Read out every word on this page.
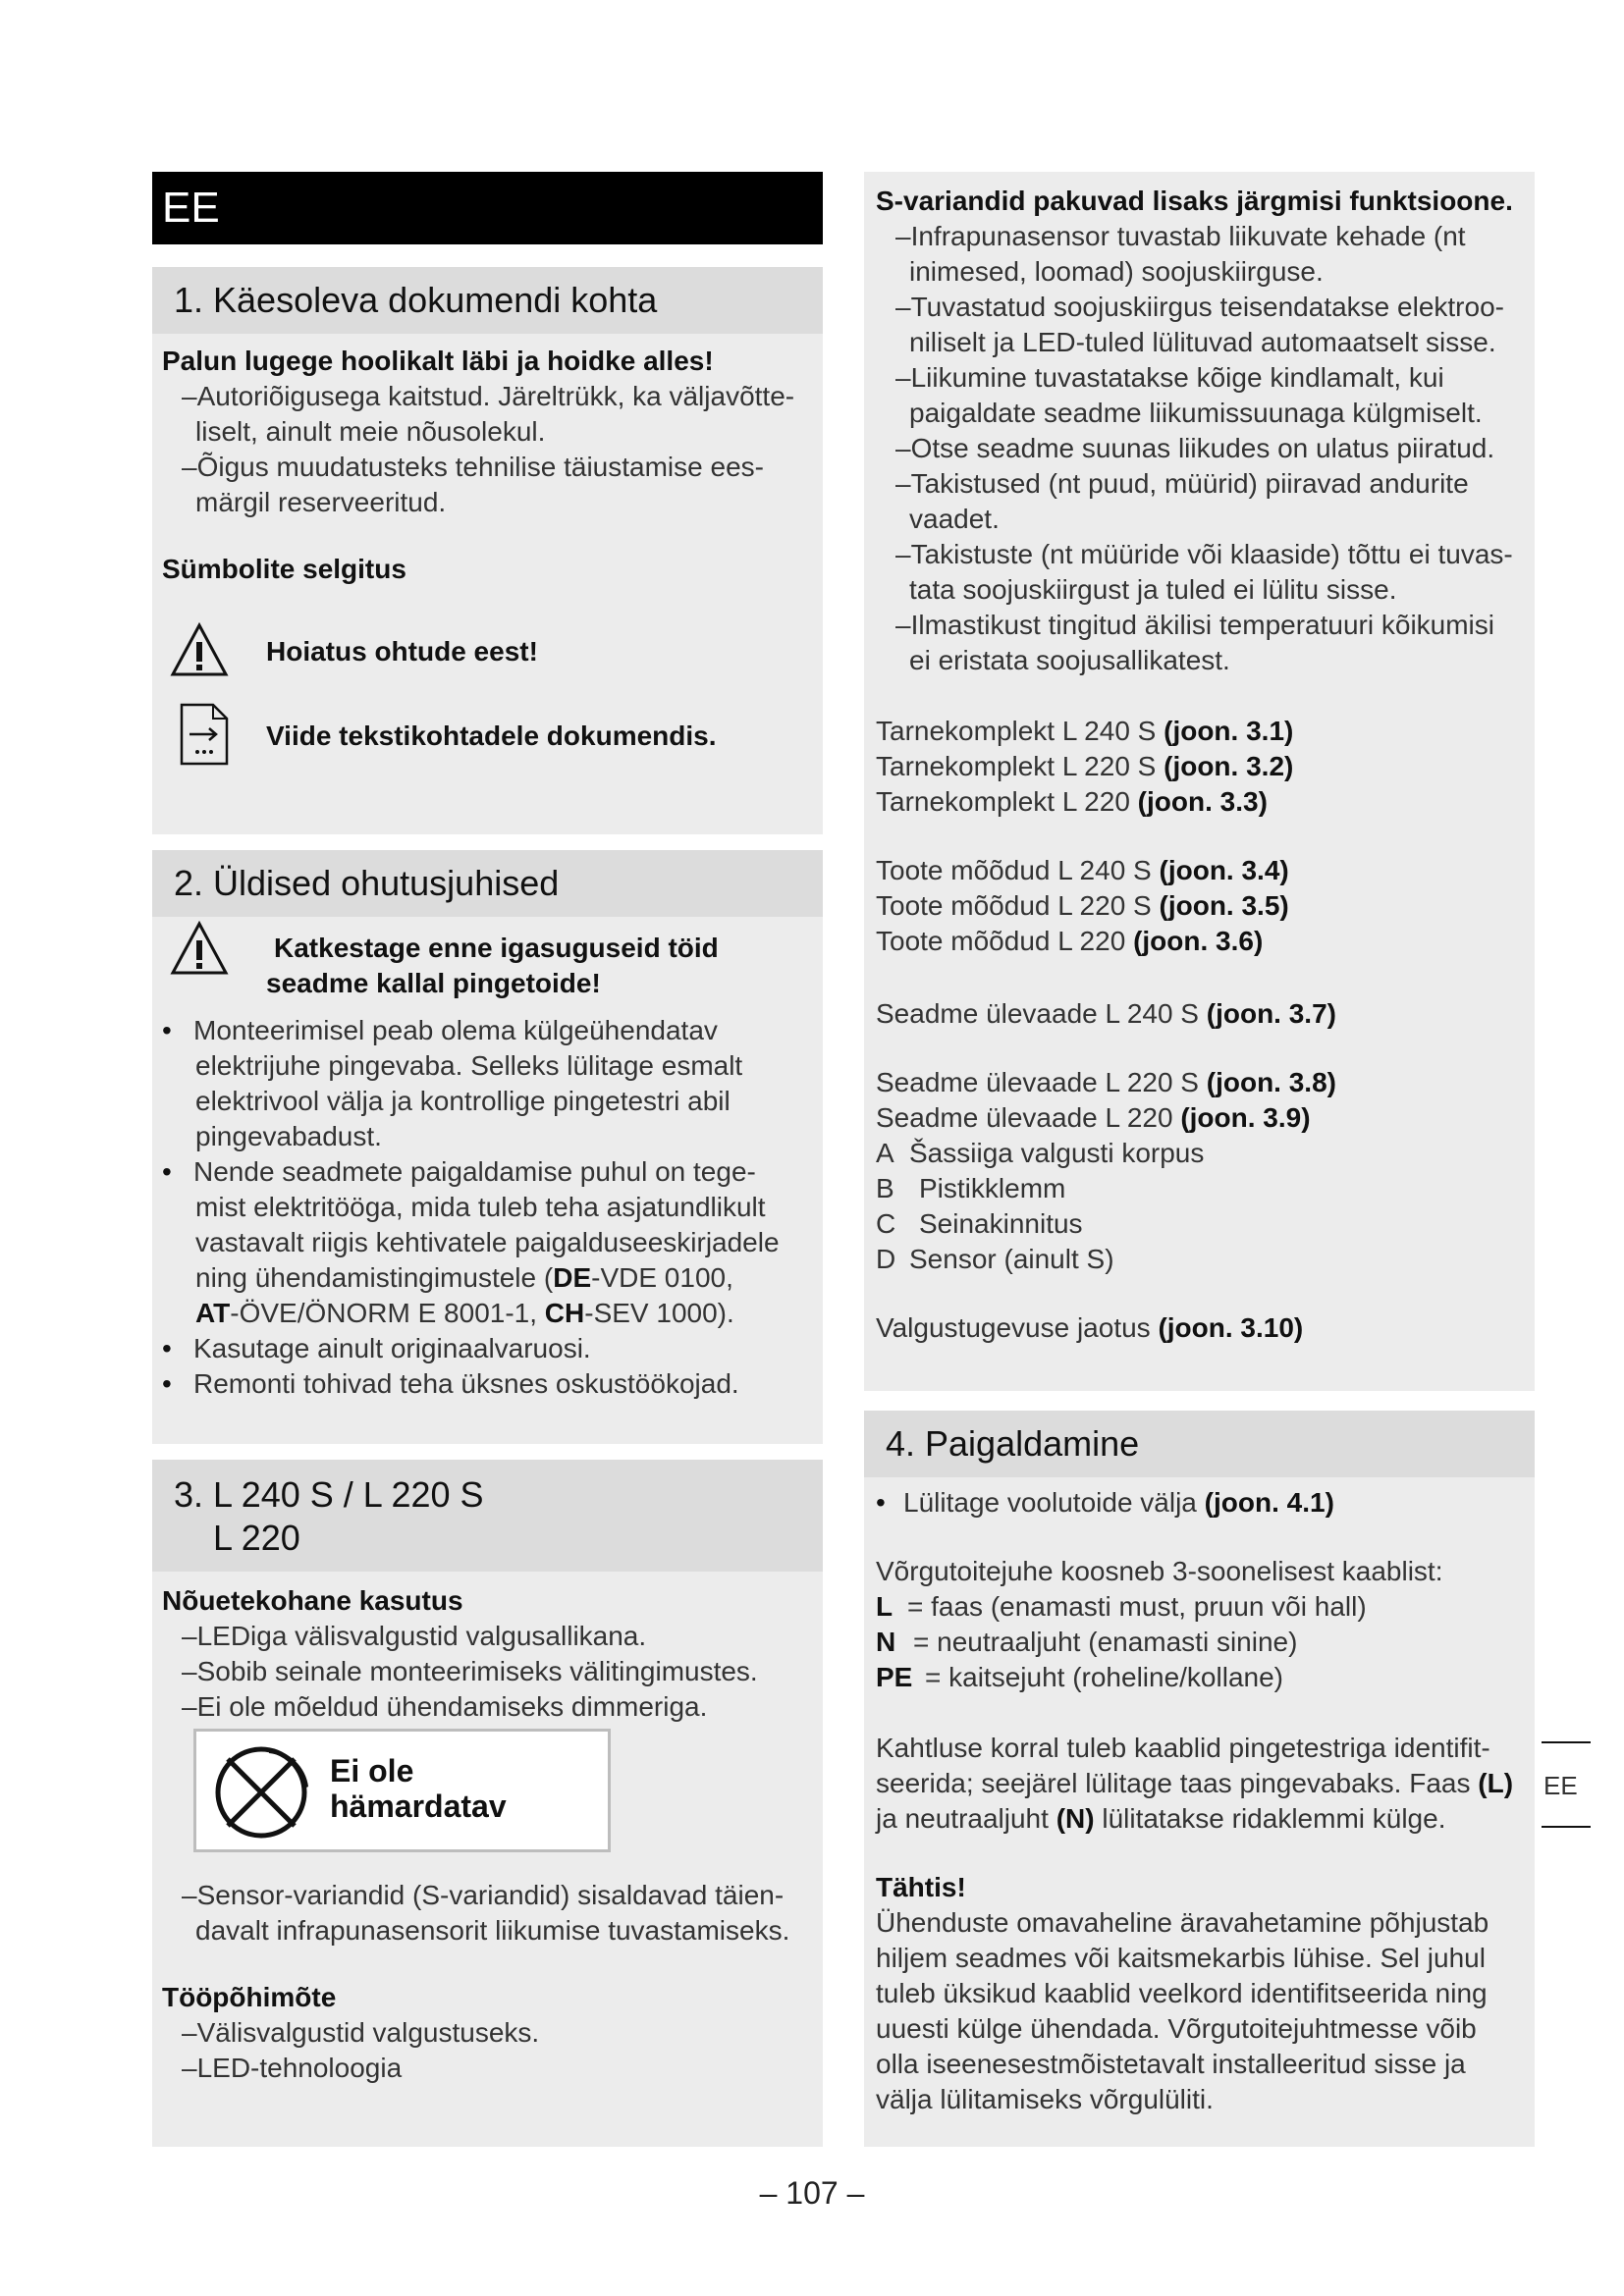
EE
1. Käesoleva dokumendi kohta
Palun lugege hoolikalt läbi ja hoidke alles!
–Autoriõigusega kaitstud. Järeltrükk, ka väljavõtte-
liselt, ainult meie nõusolekul.
–Õigus muudatusteks tehnilise täiustamise ees-
märgil reserveeritud.
Sümbolite selgitus
Hoiatus ohtude eest!
Viide tekstikohtadele dokumendis.
2. Üldised ohutusjuhised
Katkestage enne igasuguseid töid
seadme kallal pingetoide!
• Monteerimisel peab olema külgeühendatav
elektrijuhe pingevaba. Selleks lülitage esmalt
elektrivool välja ja kontrollige pingetestri abil
pingevabadust.
• Nende seadmete paigaldamise puhul on tege-
mist elektritööga, mida tuleb teha asjatundlikult
vastavalt riigis kehtivatele paigalduseeskirjadele
ning ühendamistingimustele (DE-VDE 0100,
AT-ÖVE/ÖNORM E 8001-1, CH-SEV 1000).
• Kasutage ainult originaalvaruosi.
• Remonti tohivad teha üksnes oskustöökojad.
3. L 240 S / L 220 S
L 220
Nõuetekohane kasutus
–LEDiga välisvalgustid valgusallikana.
–Sobib seinale monteerimiseks välitingimustes.
–Ei ole mõeldud ühendamiseks dimmeriga.
Ei ole
hämardatav
–Sensor-variandid (S-variandid) sisaldavad täien-
davalt infrapunasensorit liikumise tuvastamiseks.
Tööpõhimõte
–Välisvalgustid valgustuseks.
–LED-tehnoloogia
S-variandid pakuvad lisaks järgmisi funktsioone.
–Infrapunasensor tuvastab liikuvate kehade (nt
inimesed, loomad) soojuskiirguse.
–Tuvastatud soojuskiirgus teisendatakse elektroo-
niliselt ja LED-tuled lülituvad automaatselt sisse.
–Liikumine tuvastatakse kõige kindlamalt, kui
paigaldate seadme liikumissuunaga külgmiselt.
–Otse seadme suunas liikudes on ulatus piiratud.
–Takistused (nt puud, müürid) piiravad andurite
vaadet.
–Takistuste (nt müüride või klaaside) tõttu ei tuvas-
tata soojuskiirgust ja tuled ei lülitu sisse.
–Ilmastikust tingitud äkilisi temperatuuri kõikumisi
ei eristata soojusallikatest.
Tarnekomplekt L 240 S (joon. 3.1)
Tarnekomplekt L 220 S (joon. 3.2)
Tarnekomplekt L 220 (joon. 3.3)
Toote mõõdud L 240 S (joon. 3.4)
Toote mõõdud L 220 S (joon. 3.5)
Toote mõõdud L 220 (joon. 3.6)
Seadme ülevaade L 240 S (joon. 3.7)
Seadme ülevaade L 220 S (joon. 3.8)
Seadme ülevaade L 220 (joon. 3.9)
A Šassiiga valgusti korpus
B Pistikklemm
C Seinakinnitus
D Sensor (ainult S)
Valgustugevuse jaotus (joon. 3.10)
4. Paigaldamine
• Lülitage voolutoide välja (joon. 4.1)
Võrgutoitejuhe koosneb 3-soonelisest kaablist:
L = faas (enamasti must, pruun või hall)
N = neutraaljuht (enamasti sinine)
PE = kaitsejuht (roheline/kollane)
Kahtluse korral tuleb kaablid pingetestriga identifit-
seerida; seejärel lülitage taas pingevabaks. Faas (L)
ja neutraaljuht (N) lülitatakse ridaklemmi külge.
Tähtis!
Ühenduste omavaheline äravahetamine põhjustab
hiljem seadmes või kaitsmekarbis lühise. Sel juhul
tuleb üksikud kaablid veelkord identifitseerida ning
uuesti külge ühendada. Võrgutoitejuhtmesse võib
olla iseenesestmõistetavalt installeeritud sisse ja
välja lülitamiseks võrgulüliti.
EE
– 107 –
